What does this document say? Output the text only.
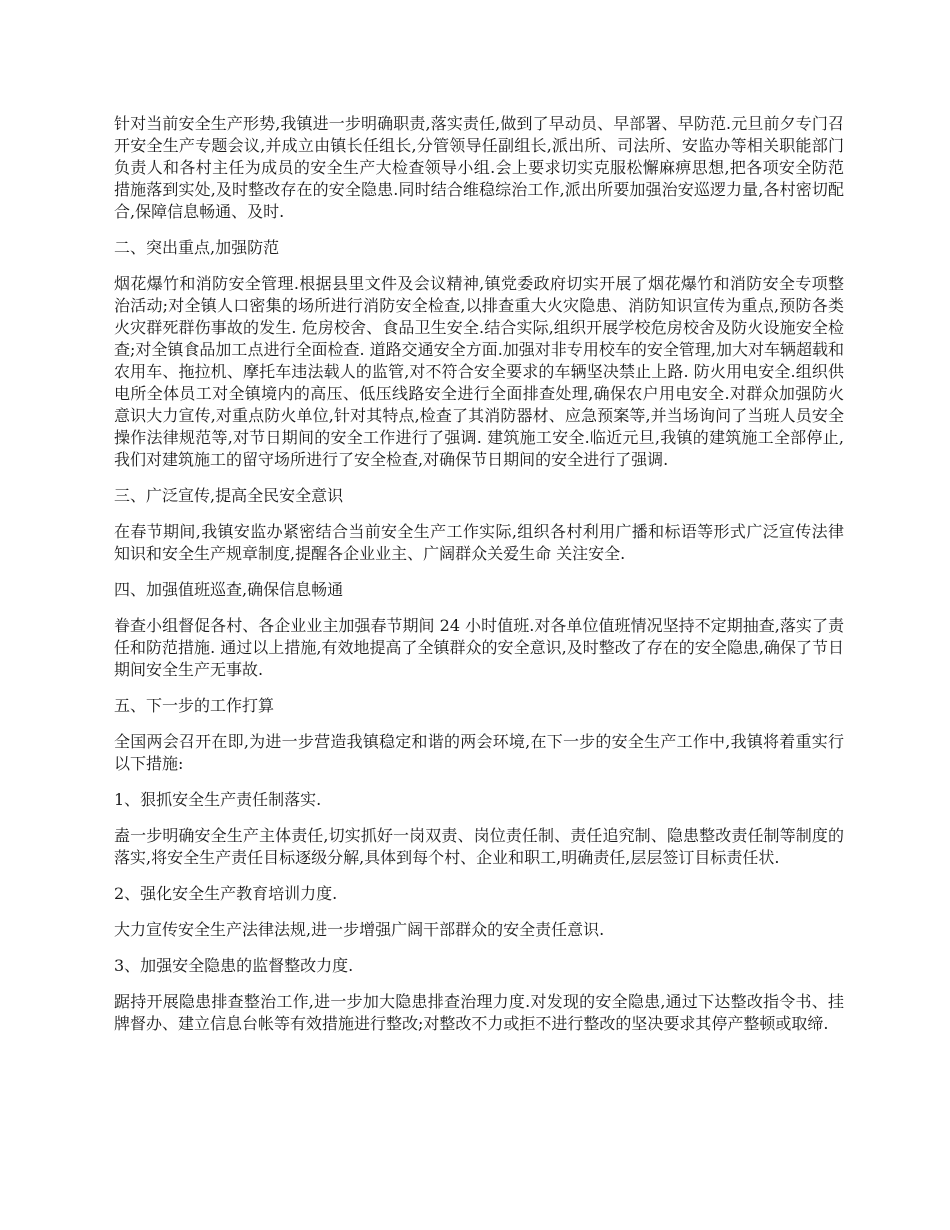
针对当前安全生产形势,我镇进一步明确职责,落实责任,做到了早动员、早部署、早防范.元旦前夕专门召开安全生产专题会议,并成立由镇长任组长,分管领导任副组长,派出所、司法所、安监办等相关职能部门负责人和各村主任为成员的安全生产大检查领导小组.会上要求切实克服松懈麻痹思想,把各项安全防范措施落到实处,及时整改存在的安全隐患.同时结合维稳综治工作,派出所要加强治安巡逻力量,各村密切配合,保障信息畅通、及时.

二、突出重点,加强防范

烟花爆竹和消防安全管理.根据县里文件及会议精神,镇党委政府切实开展了烟花爆竹和消防安全专项整治活动;对全镇人口密集的场所进行消防安全检查,以排查重大火灾隐患、消防知识宣传为重点,预防各类火灾群死群伤事故的发生. 危房校舍、食品卫生安全.结合实际,组织开展学校危房校舍及防火设施安全检查;对全镇食品加工点进行全面检查. 道路交通安全方面.加强对非专用校车的安全管理,加大对车辆超载和农用车、拖拉机、摩托车违法载人的监管,对不符合安全要求的车辆坚决禁止上路. 防火用电安全.组织供电所全体员工对全镇境内的高压、低压线路安全进行全面排查处理,确保农户用电安全.对群众加强防火意识大力宣传,对重点防火单位,针对其特点,检查了其消防器材、应急预案等,并当场询问了当班人员安全操作法律规范等,对节日期间的安全工作进行了强调. 建筑施工安全.临近元旦,我镇的建筑施工全部停止,我们对建筑施工的留守场所进行了安全检查,对确保节日期间的安全进行了强调.

三、广泛宣传,提高全民安全意识

在春节期间,我镇安监办紧密结合当前安全生产工作实际,组织各村利用广播和标语等形式广泛宣传法律知识和安全生产规章制度,提醒各企业业主、广阔群众关爱生命 关注安全.

四、加强值班巡查,确保信息畅通

眷查小组督促各村、各企业业主加强春节期间 24 小时值班.对各单位值班情况坚持不定期抽查,落实了责任和防范措施. 通过以上措施,有效地提高了全镇群众的安全意识,及时整改了存在的安全隐患,确保了节日期间安全生产无事故.

五、下一步的工作打算

全国两会召开在即,为进一步营造我镇稳定和谐的两会环境,在下一步的安全生产工作中,我镇将着重实行以下措施:

1、狠抓安全生产责任制落实.

盍一步明确安全生产主体责任,切实抓好一岗双责、岗位责任制、责任追究制、隐患整改责任制等制度的落实,将安全生产责任目标逐级分解,具体到每个村、企业和职工,明确责任,层层签订目标责任状.

2、强化安全生产教育培训力度.

大力宣传安全生产法律法规,进一步增强广阔干部群众的安全责任意识.

3、加强安全隐患的监督整改力度.

踞持开展隐患排查整治工作,进一步加大隐患排查治理力度.对发现的安全隐患,通过下达整改指令书、挂牌督办、建立信息台帐等有效措施进行整改;对整改不力或拒不进行整改的坚决要求其停产整顿或取缔.
